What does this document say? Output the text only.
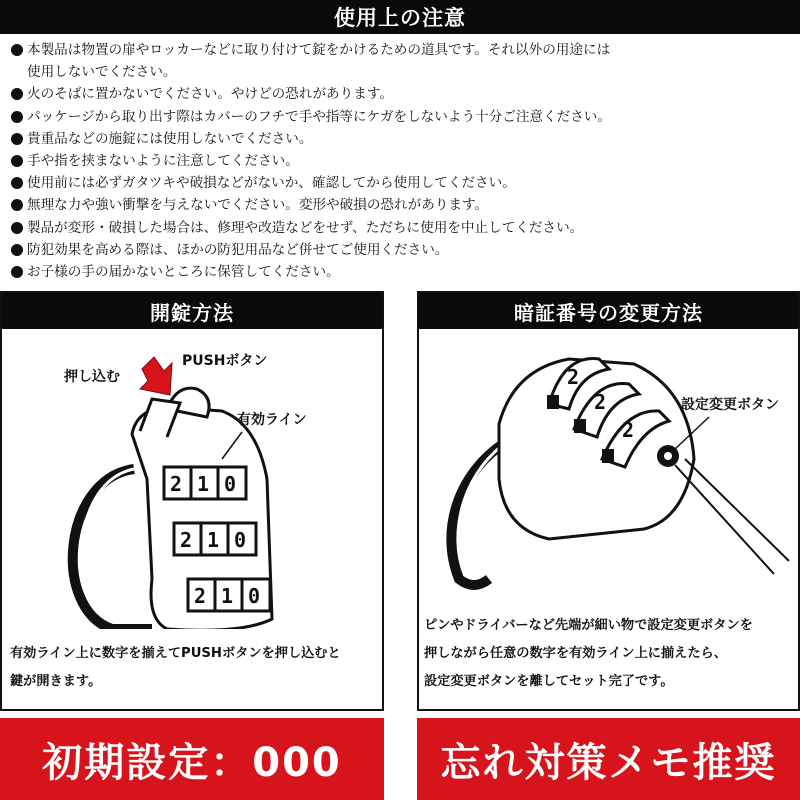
使用上の注意
本製品は物置の扉やロッカーなどに取り付けて錠をかけるための道具です。それ以外の用途には
使用しないでください。
火のそばに置かないでください。やけどの恐れがあります。
パッケージから取り出す際はカバーのフチで手や指等にケガをしないよう十分ご注意ください。
貴重品などの施錠には使用しないでください。
手や指を挟まないように注意してください。
使用前には必ずガタツキや破損などがないか、確認してから使用してください。
無理な力や強い衝撃を与えないでください。変形や破損の恐れがあります。
製品が変形・破損した場合は、修理や改造などをせず、ただちに使用を中止してください。
防犯効果を高める際は、ほかの防犯用品など併せてご使用ください。
お子様の手の届かないところに保管してください。
開錠方法
押し込む
PUSHボタン
有効ライン
2 1 0
2 1 0
2 1 0
有効ライン上に数字を揃えてPUSHボタンを押し込むと
鍵が開きます。
暗証番号の変更方法
2
2
2
設定変更ボタン
ピンやドライバーなど先端が細い物で設定変更ボタンを
押しながら任意の数字を有効ライン上に揃えたら、
設定変更ボタンを離してセット完了です。
初期設定：000	忘れ対策メモ推奨
